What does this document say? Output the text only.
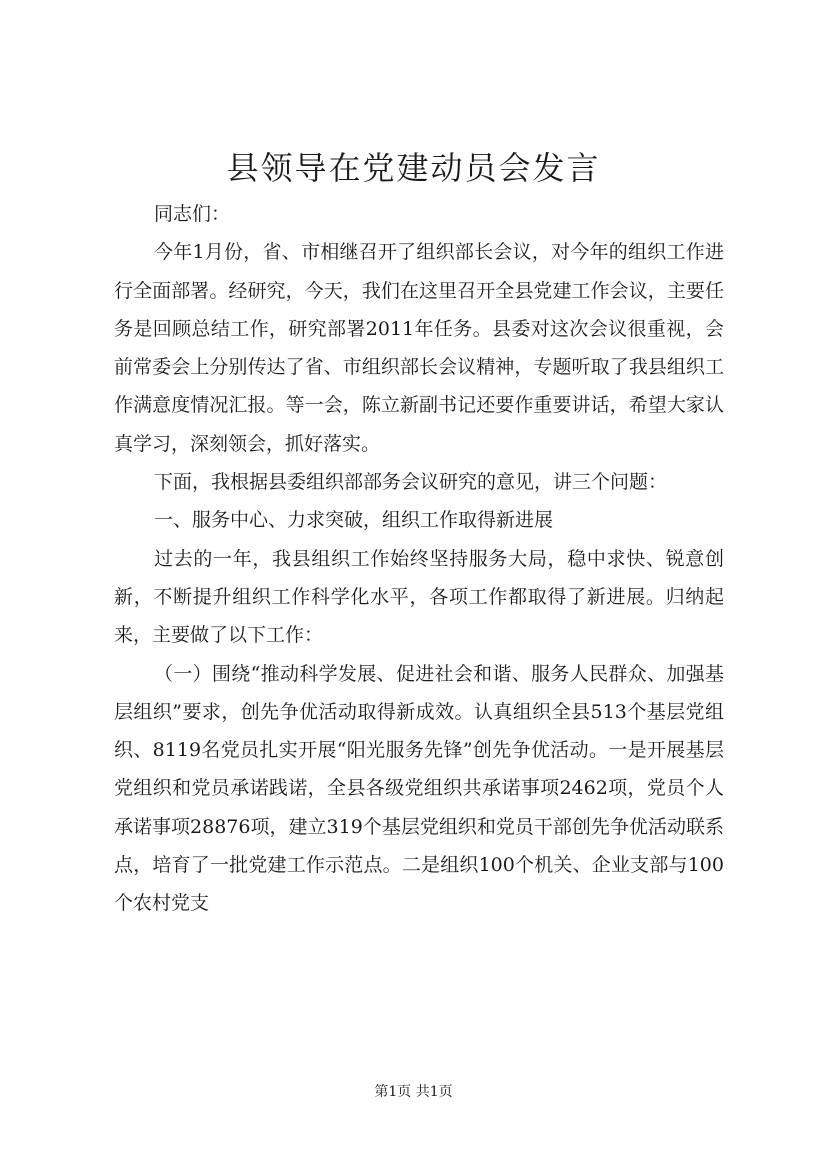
县领导在党建动员会发言

同志们：

今年1月份，省、市相继召开了组织部长会议，对今年的组织工作进行全面部署。经研究，今天，我们在这里召开全县党建工作会议，主要任务是回顾总结工作，研究部署2011年任务。县委对这次会议很重视，会前常委会上分别传达了省、市组织部长会议精神，专题听取了我县组织工作满意度情况汇报。等一会，陈立新副书记还要作重要讲话，希望大家认真学习，深刻领会，抓好落实。

下面，我根据县委组织部部务会议研究的意见，讲三个问题：

一、服务中心、力求突破，组织工作取得新进展

过去的一年，我县组织工作始终坚持服务大局，稳中求快、锐意创新，不断提升组织工作科学化水平，各项工作都取得了新进展。归纳起来，主要做了以下工作：

（一）围绕“推动科学发展、促进社会和谐、服务人民群众、加强基层组织”要求，创先争优活动取得新成效。认真组织全县513个基层党组织、8119名党员扎实开展“阳光服务先锋”创先争优活动。一是开展基层党组织和党员承诺践诺，全县各级党组织共承诺事项2462项，党员个人承诺事项28876项，建立319个基层党组织和党员干部创先争优活动联系点，培育了一批党建工作示范点。二是组织100个机关、企业支部与100个农村党支

第1页 共1页
